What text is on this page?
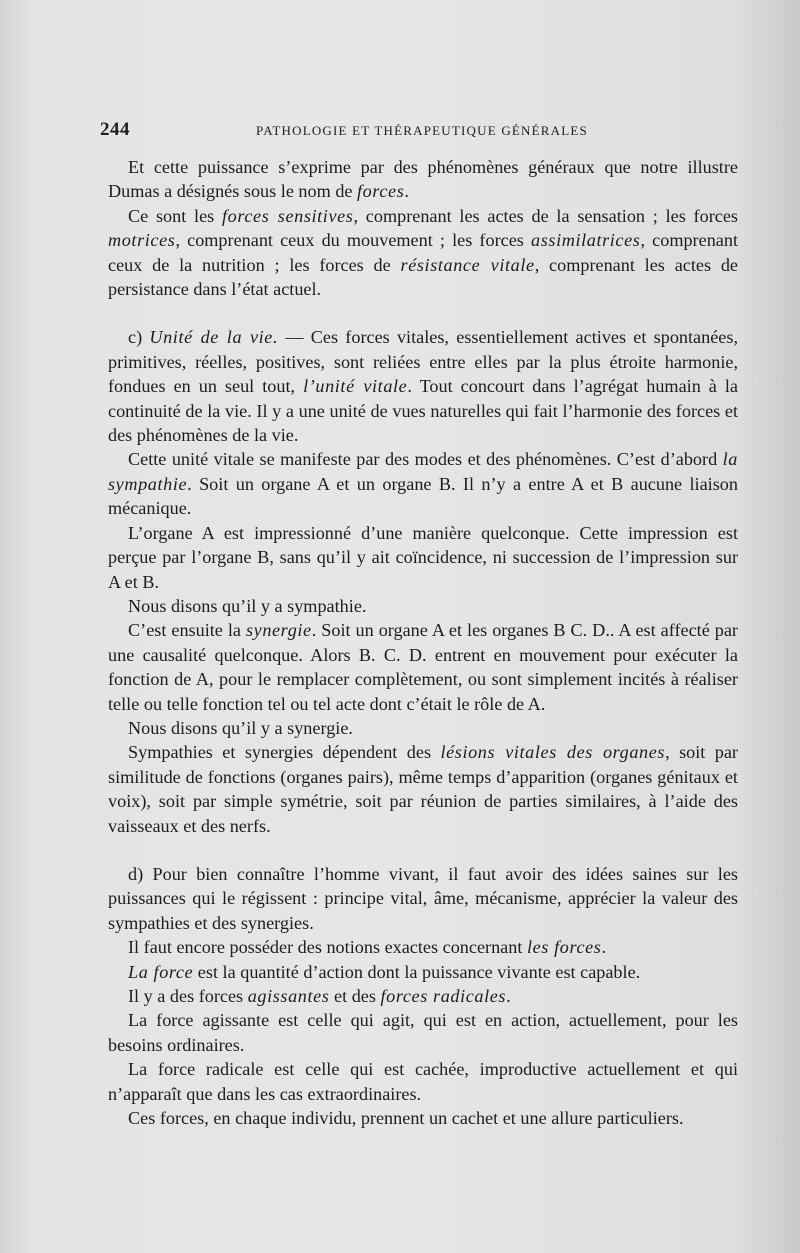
244	PATHOLOGIE ET THÉRAPEUTIQUE GÉNÉRALES

Et cette puissance s’exprime par des phénomènes généraux que notre illustre Dumas a désignés sous le nom de forces.

Ce sont les forces sensitives, comprenant les actes de la sensation ; les forces motrices, comprenant ceux du mouvement ; les forces assimilatrices, comprenant ceux de la nutrition ; les forces de résistance vitale, comprenant les actes de persistance dans l’état actuel.

c) Unité de la vie. — Ces forces vitales, essentiellement actives et spontanées, primitives, réelles, positives, sont reliées entre elles par la plus étroite harmonie, fondues en un seul tout, l’unité vitale. Tout concourt dans l’agrégat humain à la continuité de la vie. Il y a une unité de vues naturelles qui fait l’harmonie des forces et des phénomènes de la vie.

Cette unité vitale se manifeste par des modes et des phénomènes. C’est d’abord la sympathie. Soit un organe A et un organe B. Il n’y a entre A et B aucune liaison mécanique.

L’organe A est impressionné d’une manière quelconque. Cette impression est perçue par l’organe B, sans qu’il y ait coïncidence, ni succession de l’impression sur A et B.

Nous disons qu’il y a sympathie.

C’est ensuite la synergie. Soit un organe A et les organes B C. D.. A est affecté par une causalité quelconque. Alors B. C. D. entrent en mouvement pour exécuter la fonction de A, pour le remplacer complètement, ou sont simplement incités à réaliser telle ou telle fonction tel ou tel acte dont c’était le rôle de A.

Nous disons qu’il y a synergie.

Sympathies et synergies dépendent des lésions vitales des organes, soit par similitude de fonctions (organes pairs), même temps d’apparition (organes génitaux et voix), soit par simple symétrie, soit par réunion de parties similaires, à l’aide des vaisseaux et des nerfs.

d) Pour bien connaître l’homme vivant, il faut avoir des idées saines sur les puissances qui le régissent : principe vital, âme, mécanisme, apprécier la valeur des sympathies et des synergies.

Il faut encore posséder des notions exactes concernant les forces.

La force est la quantité d’action dont la puissance vivante est capable.

Il y a des forces agissantes et des forces radicales.

La force agissante est celle qui agit, qui est en action, actuellement, pour les besoins ordinaires.

La force radicale est celle qui est cachée, improductive actuellement et qui n’apparaît que dans les cas extraordinaires.

Ces forces, en chaque individu, prennent un cachet et une allure particuliers.
